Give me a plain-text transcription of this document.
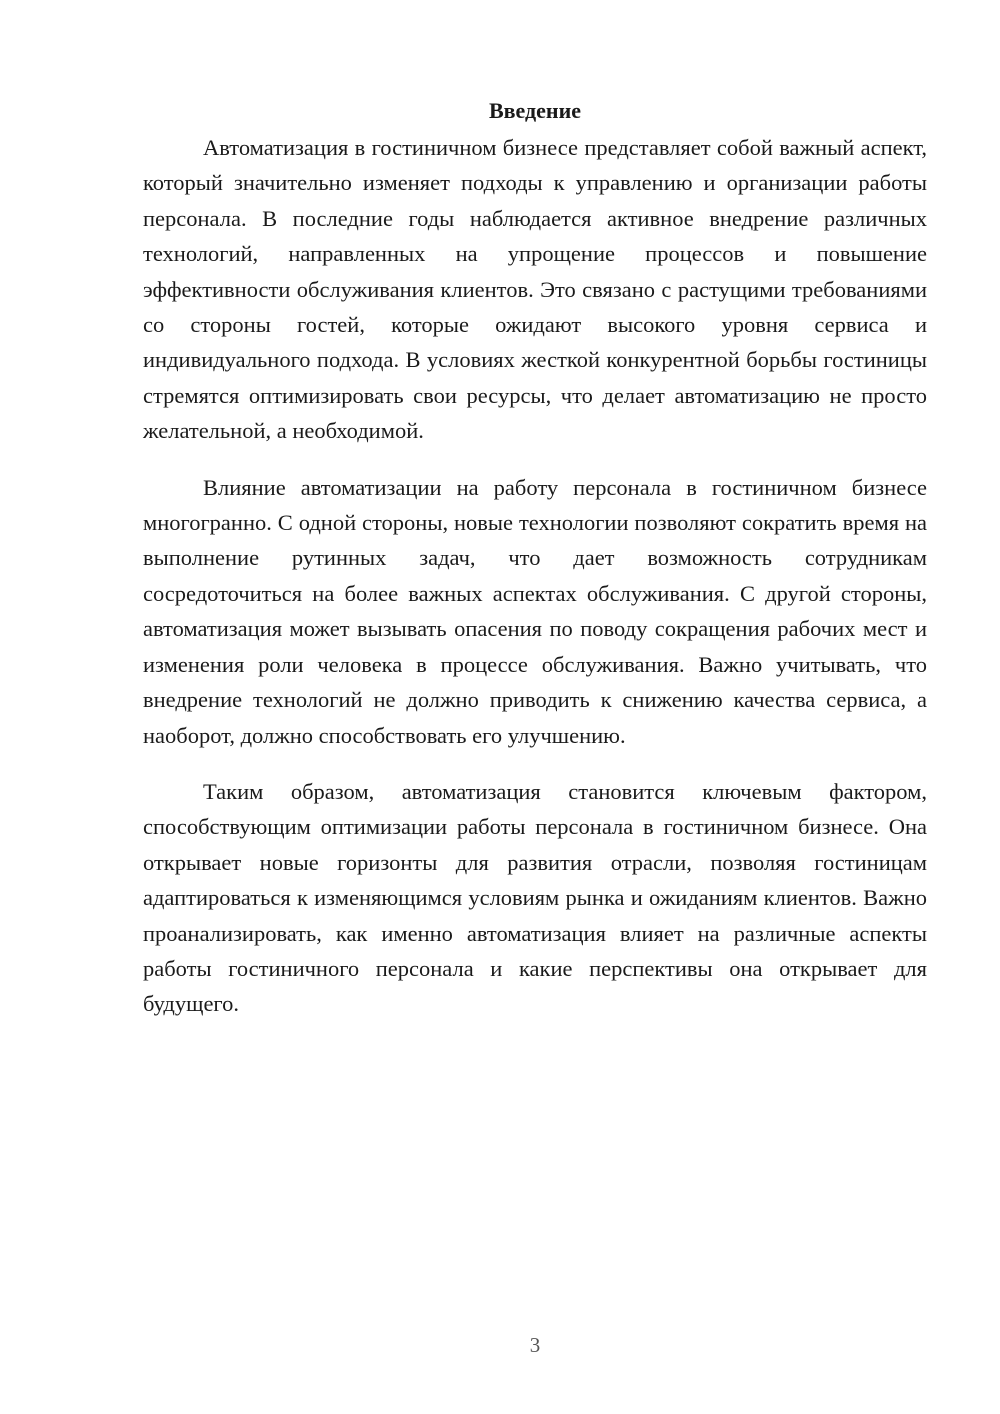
Введение

Автоматизация в гостиничном бизнесе представляет собой важный аспект, который значительно изменяет подходы к управлению и организации работы персонала. В последние годы наблюдается активное внедрение различных технологий, направленных на упрощение процессов и повышение эффективности обслуживания клиентов. Это связано с растущими требованиями со стороны гостей, которые ожидают высокого уровня сервиса и индивидуального подхода. В условиях жесткой конкурентной борьбы гостиницы стремятся оптимизировать свои ресурсы, что делает автоматизацию не просто желательной, а необходимой.

Влияние автоматизации на работу персонала в гостиничном бизнесе многогранно. С одной стороны, новые технологии позволяют сократить время на выполнение рутинных задач, что дает возможность сотрудникам сосредоточиться на более важных аспектах обслуживания. С другой стороны, автоматизация может вызывать опасения по поводу сокращения рабочих мест и изменения роли человека в процессе обслуживания. Важно учитывать, что внедрение технологий не должно приводить к снижению качества сервиса, а наоборот, должно способствовать его улучшению.

Таким образом, автоматизация становится ключевым фактором, способствующим оптимизации работы персонала в гостиничном бизнесе. Она открывает новые горизонты для развития отрасли, позволяя гостиницам адаптироваться к изменяющимся условиям рынка и ожиданиям клиентов. Важно проанализировать, как именно автоматизация влияет на различные аспекты работы гостиничного персонала и какие перспективы она открывает для будущего.

3
